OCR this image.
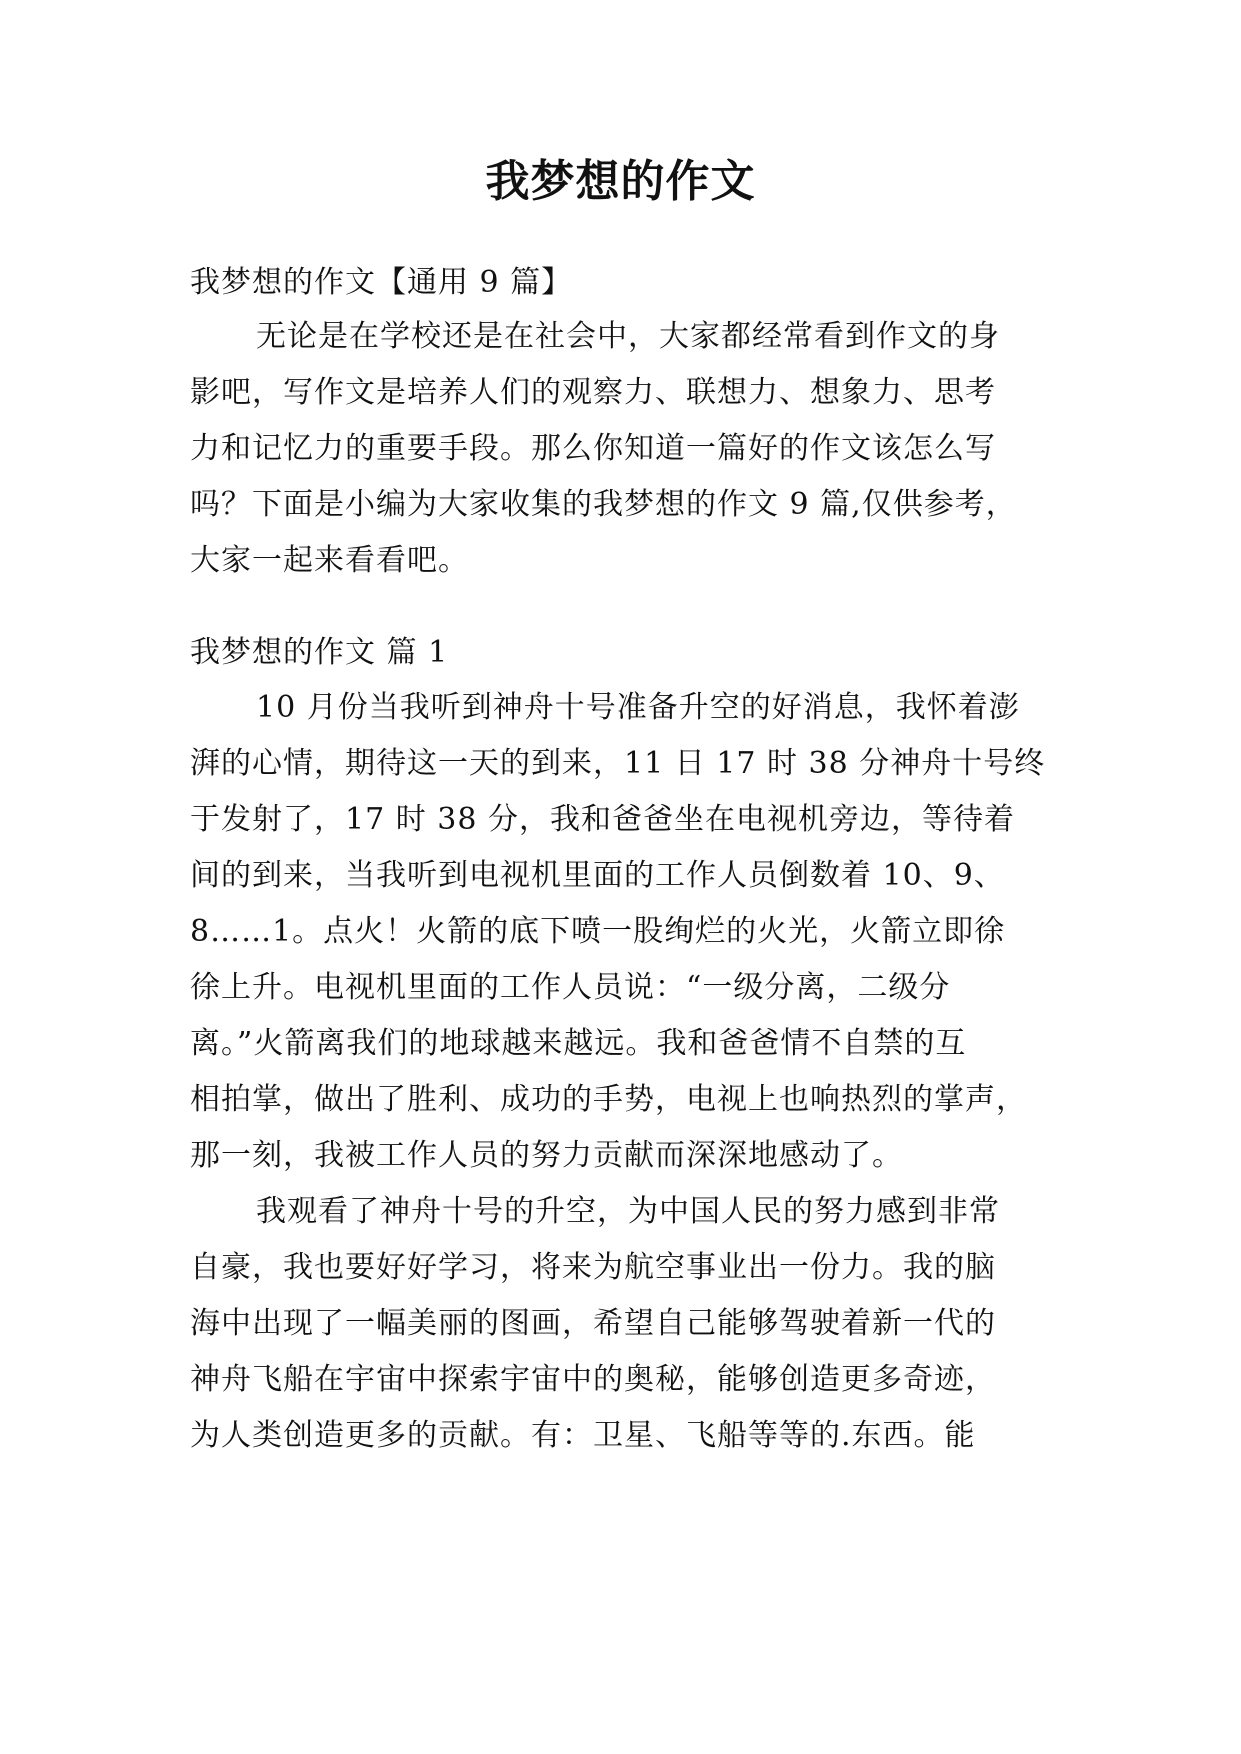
我梦想的作文
我梦想的作文【通用 9 篇】
无论是在学校还是在社会中，大家都经常看到作文的身
影吧，写作文是培养人们的观察力、联想力、想象力、思考
力和记忆力的重要手段。那么你知道一篇好的作文该怎么写
吗？下面是小编为大家收集的我梦想的作文 9 篇,仅供参考，
大家一起来看看吧。
我梦想的作文 篇 1
10 月份当我听到神舟十号准备升空的好消息，我怀着澎
湃的心情，期待这一天的到来，11 日 17 时 38 分神舟十号终
于发射了，17 时 38 分，我和爸爸坐在电视机旁边，等待着
间的到来，当我听到电视机里面的工作人员倒数着 10、9、
8……1。点火！火箭的底下喷一股绚烂的火光，火箭立即徐
徐上升。电视机里面的工作人员说：“一级分离，二级分
离。”火箭离我们的地球越来越远。我和爸爸情不自禁的互
相拍掌，做出了胜利、成功的手势，电视上也响热烈的掌声，
那一刻，我被工作人员的努力贡献而深深地感动了。
我观看了神舟十号的升空，为中国人民的努力感到非常
自豪，我也要好好学习，将来为航空事业出一份力。我的脑
海中出现了一幅美丽的图画，希望自己能够驾驶着新一代的
神舟飞船在宇宙中探索宇宙中的奥秘，能够创造更多奇迹，
为人类创造更多的贡献。有：卫星、飞船等等的.东西。能
